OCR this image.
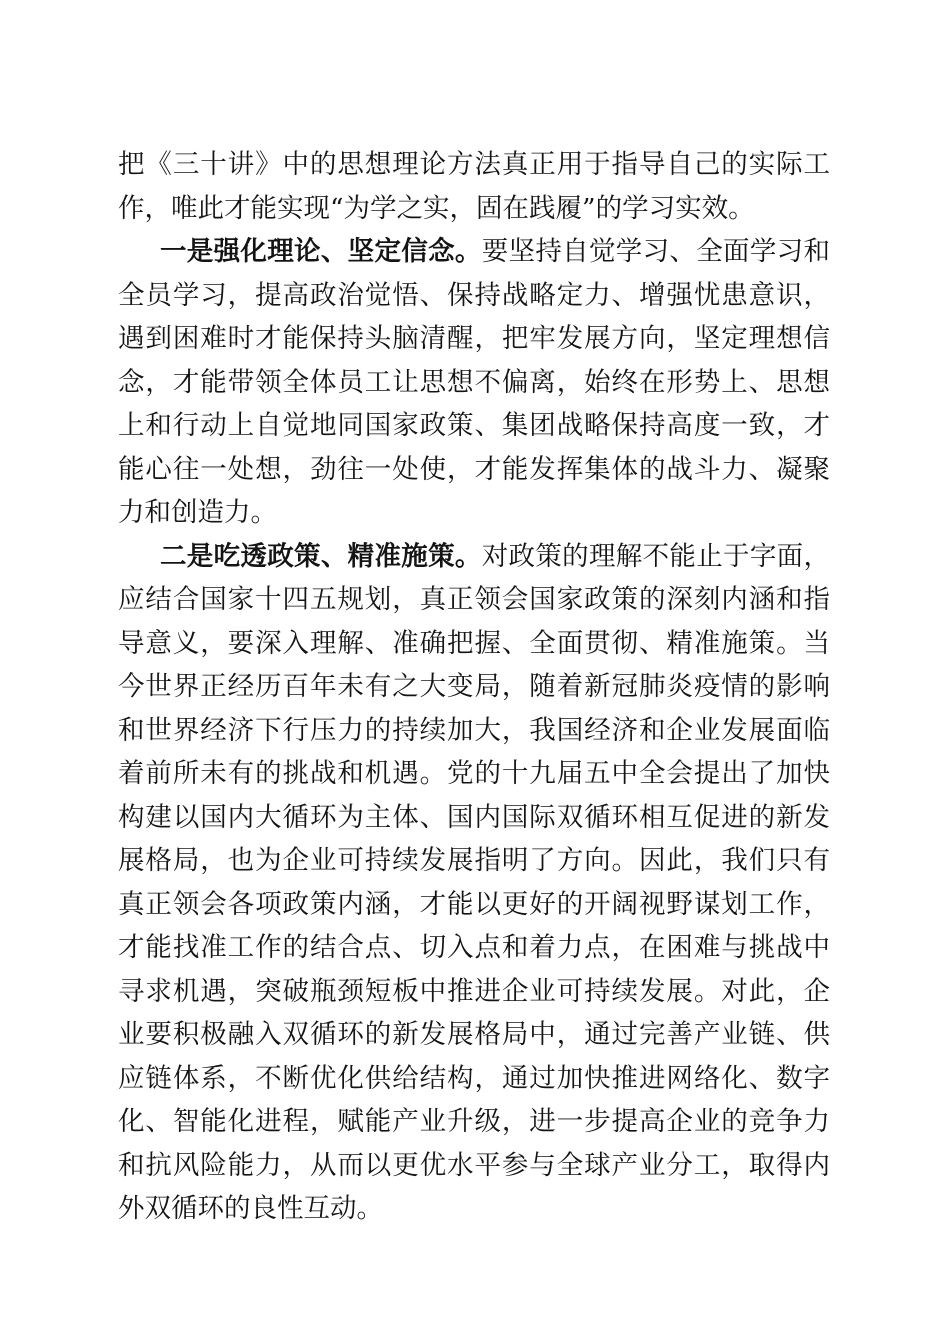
把《三十讲》中的思想理论方法真正用于指导自己的实际工作，唯此才能实现“为学之实，固在践履”的学习实效。

一是强化理论、坚定信念。要坚持自觉学习、全面学习和全员学习，提高政治觉悟、保持战略定力、增强忧患意识，遇到困难时才能保持头脑清醒，把牢发展方向，坚定理想信念，才能带领全体员工让思想不偏离，始终在形势上、思想上和行动上自觉地同国家政策、集团战略保持高度一致，才能心往一处想，劲往一处使，才能发挥集体的战斗力、凝聚力和创造力。

二是吃透政策、精准施策。对政策的理解不能止于字面，应结合国家十四五规划，真正领会国家政策的深刻内涵和指导意义，要深入理解、准确把握、全面贯彻、精准施策。当今世界正经历百年未有之大变局，随着新冠肺炎疫情的影响和世界经济下行压力的持续加大，我国经济和企业发展面临着前所未有的挑战和机遇。党的十九届五中全会提出了加快构建以国内大循环为主体、国内国际双循环相互促进的新发展格局，也为企业可持续发展指明了方向。因此，我们只有真正领会各项政策内涵，才能以更好的开阔视野谋划工作，才能找准工作的结合点、切入点和着力点，在困难与挑战中寻求机遇，突破瓶颈短板中推进企业可持续发展。对此，企业要积极融入双循环的新发展格局中，通过完善产业链、供应链体系，不断优化供给结构，通过加快推进网络化、数字化、智能化进程，赋能产业升级，进一步提高企业的竞争力和抗风险能力，从而以更优水平参与全球产业分工，取得内外双循环的良性互动。
